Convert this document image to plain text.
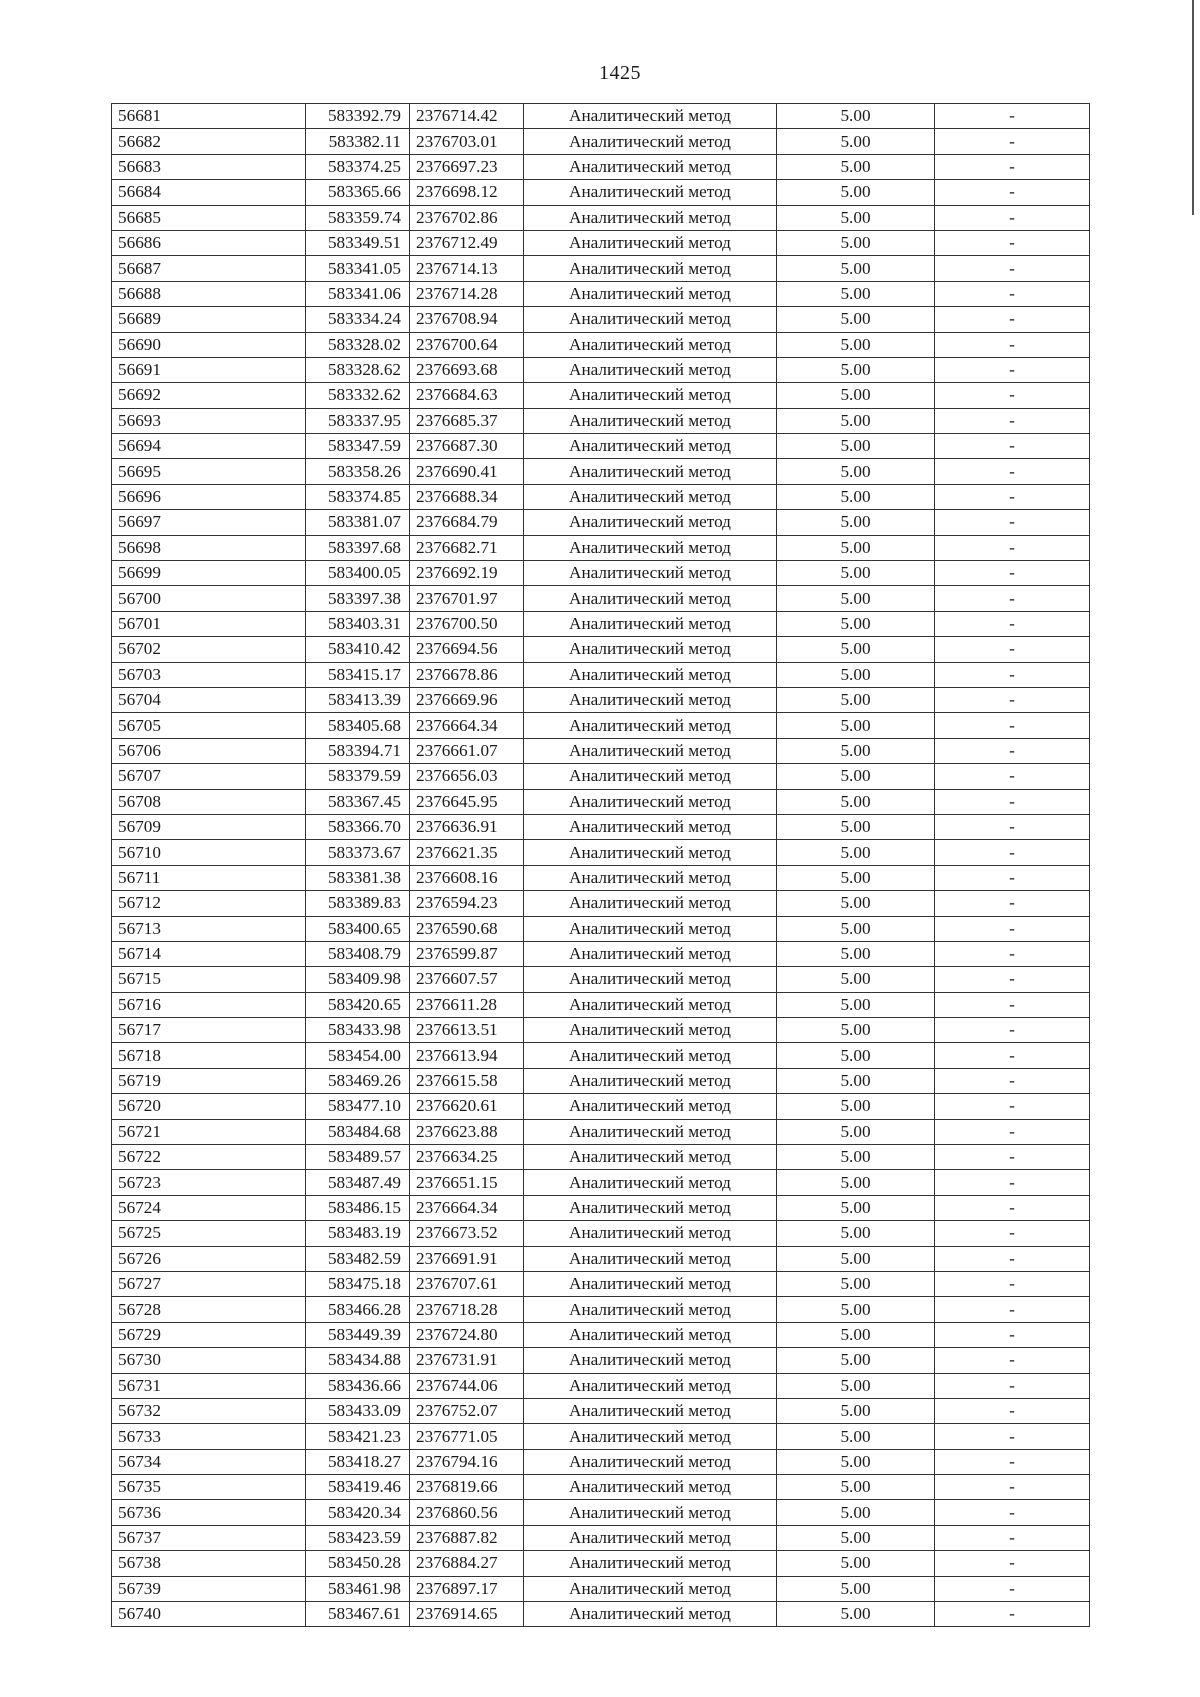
1425
56681	583392.79	2376714.42	Аналитический метод	5.00	-
56682	583382.11	2376703.01	Аналитический метод	5.00	-
56683	583374.25	2376697.23	Аналитический метод	5.00	-
56684	583365.66	2376698.12	Аналитический метод	5.00	-
56685	583359.74	2376702.86	Аналитический метод	5.00	-
56686	583349.51	2376712.49	Аналитический метод	5.00	-
56687	583341.05	2376714.13	Аналитический метод	5.00	-
56688	583341.06	2376714.28	Аналитический метод	5.00	-
56689	583334.24	2376708.94	Аналитический метод	5.00	-
56690	583328.02	2376700.64	Аналитический метод	5.00	-
56691	583328.62	2376693.68	Аналитический метод	5.00	-
56692	583332.62	2376684.63	Аналитический метод	5.00	-
56693	583337.95	2376685.37	Аналитический метод	5.00	-
56694	583347.59	2376687.30	Аналитический метод	5.00	-
56695	583358.26	2376690.41	Аналитический метод	5.00	-
56696	583374.85	2376688.34	Аналитический метод	5.00	-
56697	583381.07	2376684.79	Аналитический метод	5.00	-
56698	583397.68	2376682.71	Аналитический метод	5.00	-
56699	583400.05	2376692.19	Аналитический метод	5.00	-
56700	583397.38	2376701.97	Аналитический метод	5.00	-
56701	583403.31	2376700.50	Аналитический метод	5.00	-
56702	583410.42	2376694.56	Аналитический метод	5.00	-
56703	583415.17	2376678.86	Аналитический метод	5.00	-
56704	583413.39	2376669.96	Аналитический метод	5.00	-
56705	583405.68	2376664.34	Аналитический метод	5.00	-
56706	583394.71	2376661.07	Аналитический метод	5.00	-
56707	583379.59	2376656.03	Аналитический метод	5.00	-
56708	583367.45	2376645.95	Аналитический метод	5.00	-
56709	583366.70	2376636.91	Аналитический метод	5.00	-
56710	583373.67	2376621.35	Аналитический метод	5.00	-
56711	583381.38	2376608.16	Аналитический метод	5.00	-
56712	583389.83	2376594.23	Аналитический метод	5.00	-
56713	583400.65	2376590.68	Аналитический метод	5.00	-
56714	583408.79	2376599.87	Аналитический метод	5.00	-
56715	583409.98	2376607.57	Аналитический метод	5.00	-
56716	583420.65	2376611.28	Аналитический метод	5.00	-
56717	583433.98	2376613.51	Аналитический метод	5.00	-
56718	583454.00	2376613.94	Аналитический метод	5.00	-
56719	583469.26	2376615.58	Аналитический метод	5.00	-
56720	583477.10	2376620.61	Аналитический метод	5.00	-
56721	583484.68	2376623.88	Аналитический метод	5.00	-
56722	583489.57	2376634.25	Аналитический метод	5.00	-
56723	583487.49	2376651.15	Аналитический метод	5.00	-
56724	583486.15	2376664.34	Аналитический метод	5.00	-
56725	583483.19	2376673.52	Аналитический метод	5.00	-
56726	583482.59	2376691.91	Аналитический метод	5.00	-
56727	583475.18	2376707.61	Аналитический метод	5.00	-
56728	583466.28	2376718.28	Аналитический метод	5.00	-
56729	583449.39	2376724.80	Аналитический метод	5.00	-
56730	583434.88	2376731.91	Аналитический метод	5.00	-
56731	583436.66	2376744.06	Аналитический метод	5.00	-
56732	583433.09	2376752.07	Аналитический метод	5.00	-
56733	583421.23	2376771.05	Аналитический метод	5.00	-
56734	583418.27	2376794.16	Аналитический метод	5.00	-
56735	583419.46	2376819.66	Аналитический метод	5.00	-
56736	583420.34	2376860.56	Аналитический метод	5.00	-
56737	583423.59	2376887.82	Аналитический метод	5.00	-
56738	583450.28	2376884.27	Аналитический метод	5.00	-
56739	583461.98	2376897.17	Аналитический метод	5.00	-
56740	583467.61	2376914.65	Аналитический метод	5.00	-
